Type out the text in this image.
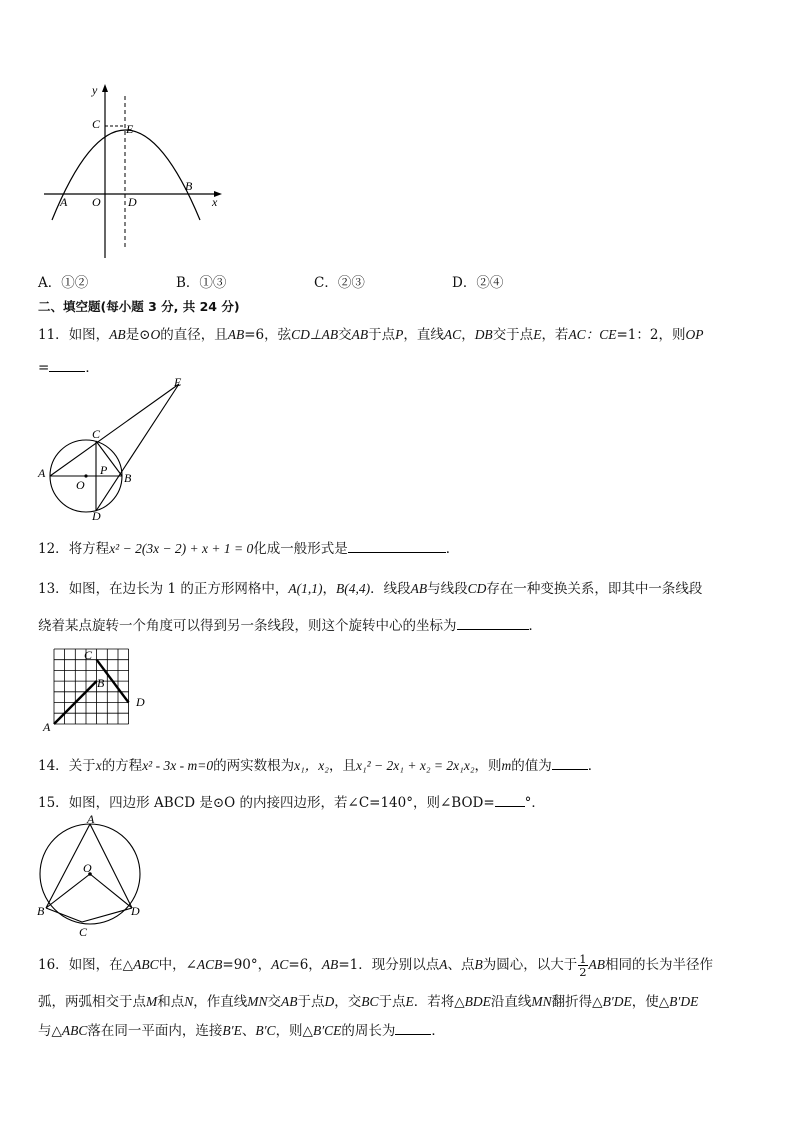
y
x
C E
A O D
B
A．①②	B．①③	C．②③	D．②④
二、填空题(每小题 3 分, 共 24 分)
11．如图，AB是⊙O的直径，且AB=6，弦CD⊥AB交AB于点P，直线AC，DB交于点E，若AC：CE=1：2，则OP
=	．
E
C
A	P
O	B
D
12．将方程x² − 2(3x − 2) + x + 1 = 0化成一般形式是	．
13．如图，在边长为 1 的正方形网格中，A(1,1)，B(4,4)．线段AB与线段CD存在一种变换关系，即其中一条线段
绕着某点旋转一个角度可以得到另一条线段，则这个旋转中心的坐标为	．
C
B
D
A
14．关于x的方程x² - 3x - m=0的两实数根为x₁，x₂，且x₁² − 2x₁ + x₂ = 2x₁x₂，则m的值为	．
15．如图，四边形 ABCD 是⊙O 的内接四边形，若∠C=140°，则∠BOD= °．
A
O
B	D
C
16．如图，在△ABC中，∠ACB=90°，AC=6，AB=1．现分别以点A、点B为圆心，以大于 $\frac{1}{2}$ AB相同的长为半径作
弧，两弧相交于点M和点N，作直线MN交AB于点D，交BC于点E．若将△BDE沿直线MN翻折得△B′DE，使△B′DE
与△ABC落在同一平面内，连接B′E、B′C，则△B′CE的周长为	．
